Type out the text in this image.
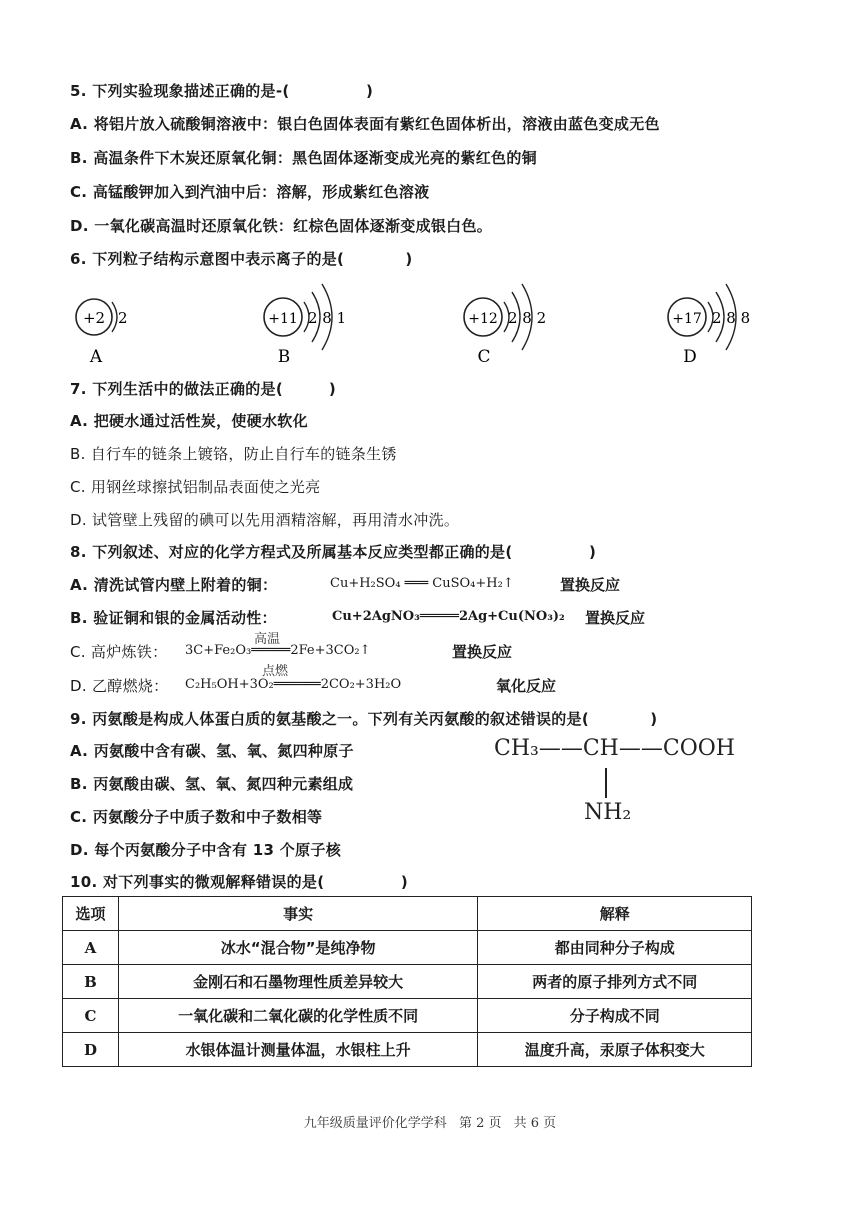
5. 下列实验现象描述正确的是-(　　　　　)
A. 将铝片放入硫酸铜溶液中：银白色固体表面有紫红色固体析出，溶液由蓝色变成无色
B. 高温条件下木炭还原氧化铜：黑色固体逐渐变成光亮的紫红色的铜
C. 高锰酸钾加入到汽油中后：溶解，形成紫红色溶液
D. 一氧化碳高温时还原氧化铁：红棕色固体逐渐变成银白色。
6. 下列粒子结构示意图中表示离子的是(　　　　)
+2 2
A
+11 2 8 1
B
+12 2 8 2
C
+17 2 8 8
D
7. 下列生活中的做法正确的是(　　　)
A. 把硬水通过活性炭，使硬水软化
B. 自行车的链条上镀铬，防止自行车的链条生锈
C. 用钢丝球擦拭铝制品表面使之光亮
D. 试管壁上残留的碘可以先用酒精溶解，再用清水冲洗。
8. 下列叙述、对应的化学方程式及所属基本反应类型都正确的是(　　　　　)
A. 清洗试管内壁上附着的铜：	Cu+H₂SO₄ ═══ CuSO₄+H₂↑	置换反应
B. 验证铜和银的金属活动性：	Cu+2AgNO₃═════2Ag+Cu(NO₃)₂ 置换反应
高温
C. 高炉炼铁： 3C+Fe₂O₃═════2Fe+3CO₂↑	置换反应
点燃
D. 乙醇燃烧： C₂H₅OH+3O₂══════2CO₂+3H₂O	氧化反应
9. 丙氨酸是构成人体蛋白质的氨基酸之一。下列有关丙氨酸的叙述错误的是(　　　　)
A. 丙氨酸中含有碳、氢、氧、氮四种原子
B. 丙氨酸由碳、氢、氧、氮四种元素组成
C. 丙氨酸分子中质子数和中子数相等
D. 每个丙氨酸分子中含有 13 个原子核
CH₃——CH——COOH
NH₂
10. 对下列事实的微观解释错误的是(　　　　　)
选项	事实	解释
A	冰水“混合物”是纯净物	都由同种分子构成
B	金刚石和石墨物理性质差异较大	两者的原子排列方式不同
C	一氧化碳和二氧化碳的化学性质不同	分子构成不同
D	水银体温计测量体温，水银柱上升	温度升高，汞原子体积变大
九年级质量评价化学学科 第 2 页 共 6 页
